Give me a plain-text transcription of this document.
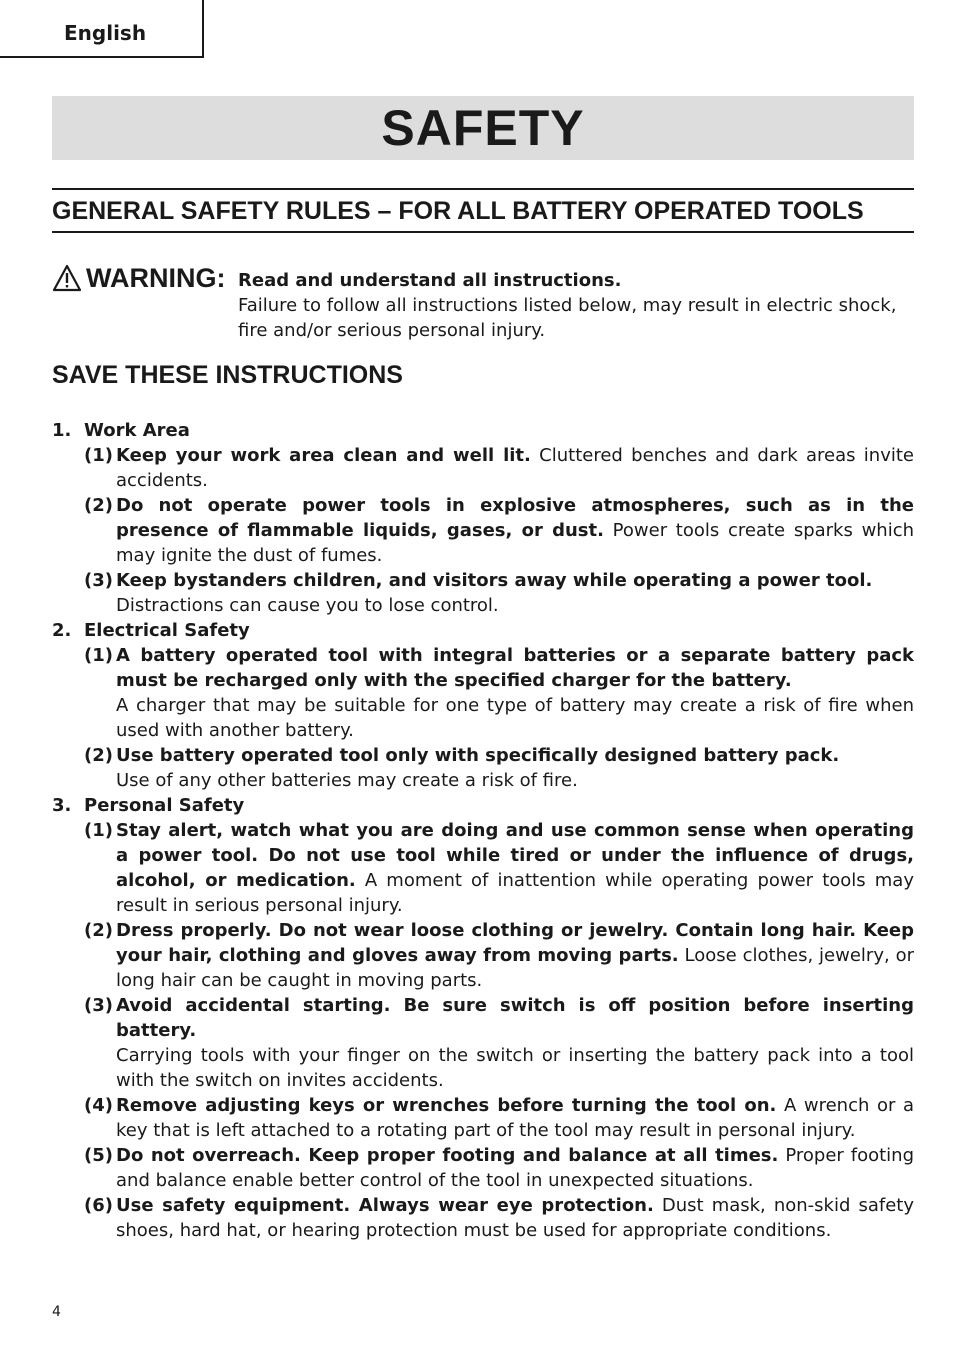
English
SAFETY
GENERAL SAFETY RULES – FOR ALL BATTERY OPERATED TOOLS
WARNING: Read and understand all instructions.
Failure to follow all instructions listed below, may result in electric shock, fire and/or serious personal injury.
SAVE THESE INSTRUCTIONS
1. Work Area
(1) Keep your work area clean and well lit. Cluttered benches and dark areas invite accidents.
(2) Do not operate power tools in explosive atmospheres, such as in the presence of flammable liquids, gases, or dust. Power tools create sparks which may ignite the dust of fumes.
(3) Keep bystanders children, and visitors away while operating a power tool.
Distractions can cause you to lose control.
2. Electrical Safety
(1) A battery operated tool with integral batteries or a separate battery pack must be recharged only with the specified charger for the battery.
A charger that may be suitable for one type of battery may create a risk of fire when used with another battery.
(2) Use battery operated tool only with specifically designed battery pack.
Use of any other batteries may create a risk of fire.
3. Personal Safety
(1) Stay alert, watch what you are doing and use common sense when operating a power tool. Do not use tool while tired or under the influence of drugs, alcohol, or medication. A moment of inattention while operating power tools may result in serious personal injury.
(2) Dress properly. Do not wear loose clothing or jewelry. Contain long hair. Keep your hair, clothing and gloves away from moving parts. Loose clothes, jewelry, or long hair can be caught in moving parts.
(3) Avoid accidental starting. Be sure switch is off position before inserting battery.
Carrying tools with your finger on the switch or inserting the battery pack into a tool with the switch on invites accidents.
(4) Remove adjusting keys or wrenches before turning the tool on. A wrench or a key that is left attached to a rotating part of the tool may result in personal injury.
(5) Do not overreach. Keep proper footing and balance at all times. Proper footing and balance enable better control of the tool in unexpected situations.
(6) Use safety equipment. Always wear eye protection. Dust mask, non-skid safety shoes, hard hat, or hearing protection must be used for appropriate conditions.
4
